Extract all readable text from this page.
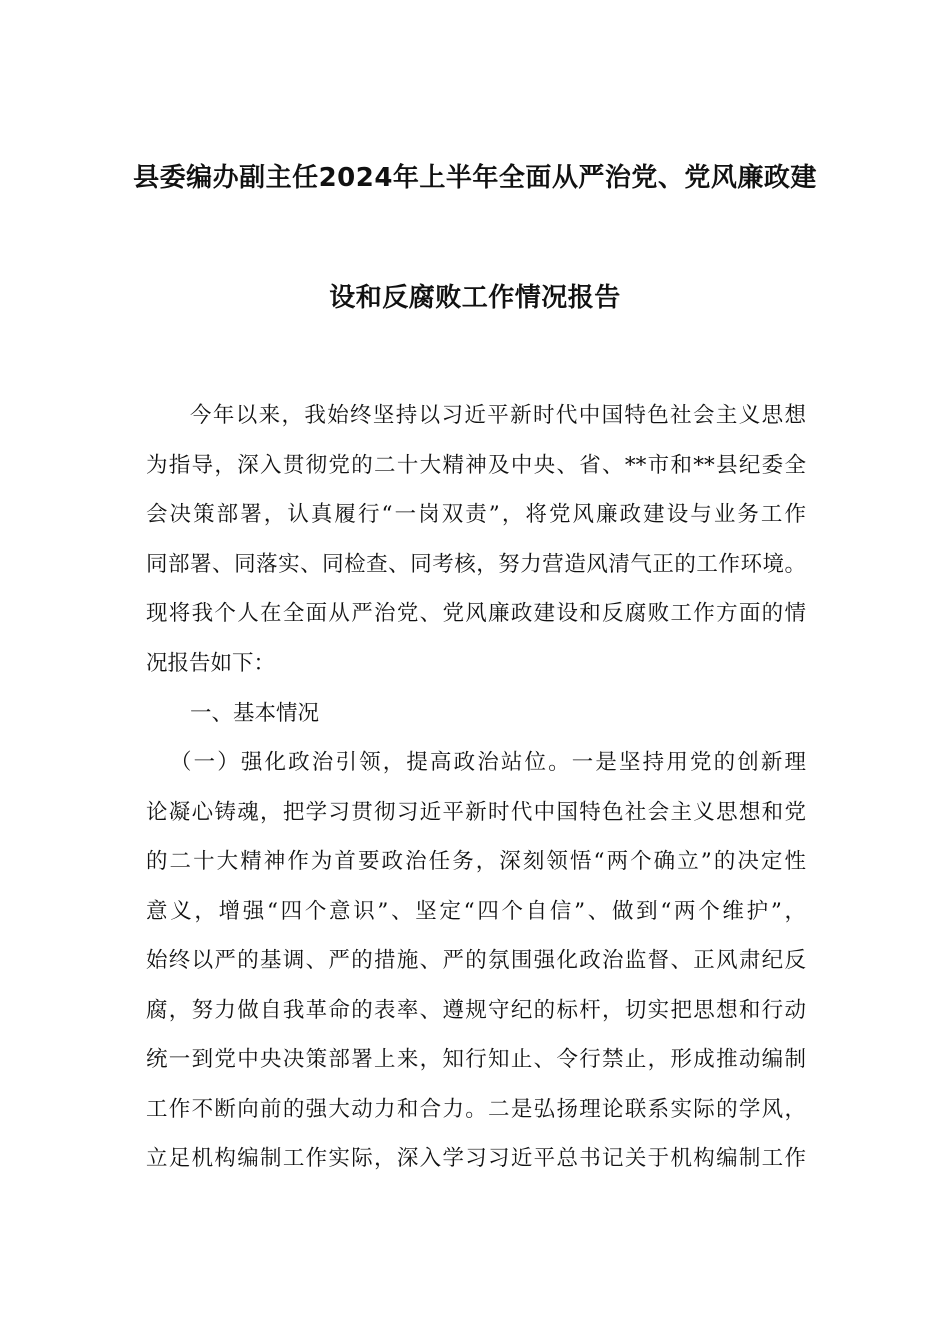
县委编办副主任2024年上半年全面从严治党、党风廉政建
设和反腐败工作情况报告
今年以来，我始终坚持以习近平新时代中国特色社会主义思想
为指导，深入贯彻党的二十大精神及中央、省、**市和**县纪委全
会决策部署，认真履行“一岗双责”，将党风廉政建设与业务工作
同部署、同落实、同检查、同考核，努力营造风清气正的工作环境。
现将我个人在全面从严治党、党风廉政建设和反腐败工作方面的情
况报告如下：
一、基本情况
（一）强化政治引领，提高政治站位。一是坚持用党的创新理
论凝心铸魂，把学习贯彻习近平新时代中国特色社会主义思想和党
的二十大精神作为首要政治任务，深刻领悟“两个确立”的决定性
意义，增强“四个意识”、坚定“四个自信”、做到“两个维护”，
始终以严的基调、严的措施、严的氛围强化政治监督、正风肃纪反
腐，努力做自我革命的表率、遵规守纪的标杆，切实把思想和行动
统一到党中央决策部署上来，知行知止、令行禁止，形成推动编制
工作不断向前的强大动力和合力。二是弘扬理论联系实际的学风，
立足机构编制工作实际，深入学习习近平总书记关于机构编制工作
